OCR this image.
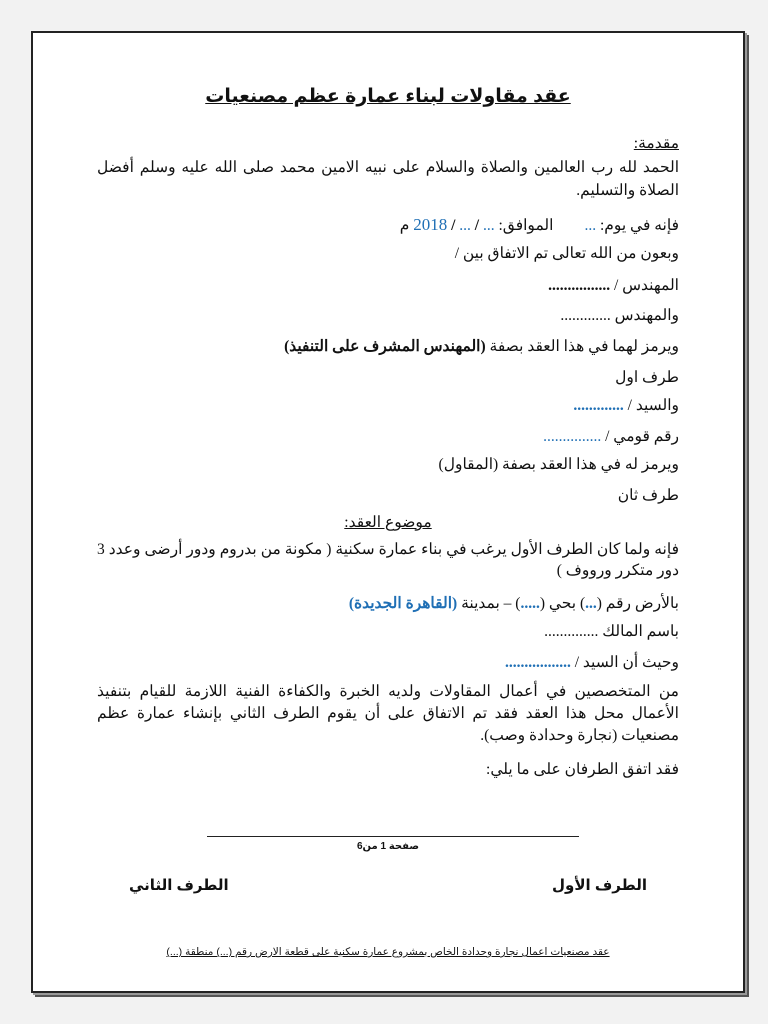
عقد مقاولات لبناء عمارة عظم مصنعيات
مقدمة:
الحمد لله رب العالمين والصلاة والسلام على نبيه الامين محمد صلى الله عليه وسلم أفضل الصلاة والتسليم.
فإنه في يوم: ...        الموافق: ... / ... / 2018 م
وبعون من الله تعالى تم الاتفاق بين /
المهندس / ................
والمهندس .............
ويرمز لهما في هذا العقد بصفة (المهندس المشرف على التنفيذ)
طرف اول
والسيد / .............
رقم قومي / ...............
ويرمز له في هذا العقد بصفة (المقاول)
طرف ثان
موضوع العقد:
فإنه ولما كان الطرف الأول يرغب في بناء عمارة سكنية ( مكونة من بدروم ودور أرضى وعدد 3 دور متكرر ورووف )
بالأرض رقم (...) بحي (.....) – بمدينة (القاهرة الجديدة)
باسم المالك ..............
وحيث أن السيد / .................
من المتخصصين في أعمال المقاولات ولديه الخبرة والكفاءة الفنية اللازمة للقيام بتنفيذ الأعمال محل هذا العقد فقد تم الاتفاق على أن يقوم الطرف الثاني بإنشاء عمارة عظم مصنعيات (نجارة وحدادة وصب).
فقد اتفق الطرفان على ما يلي:
صفحة 1 من6
الطرف الأول
الطرف الثاني
عقد مصنعيات اعمال نجارة وحدادة الخاص بمشروع عمارة سكنية على قطعة الارض رقم (...) منطقة (...)
